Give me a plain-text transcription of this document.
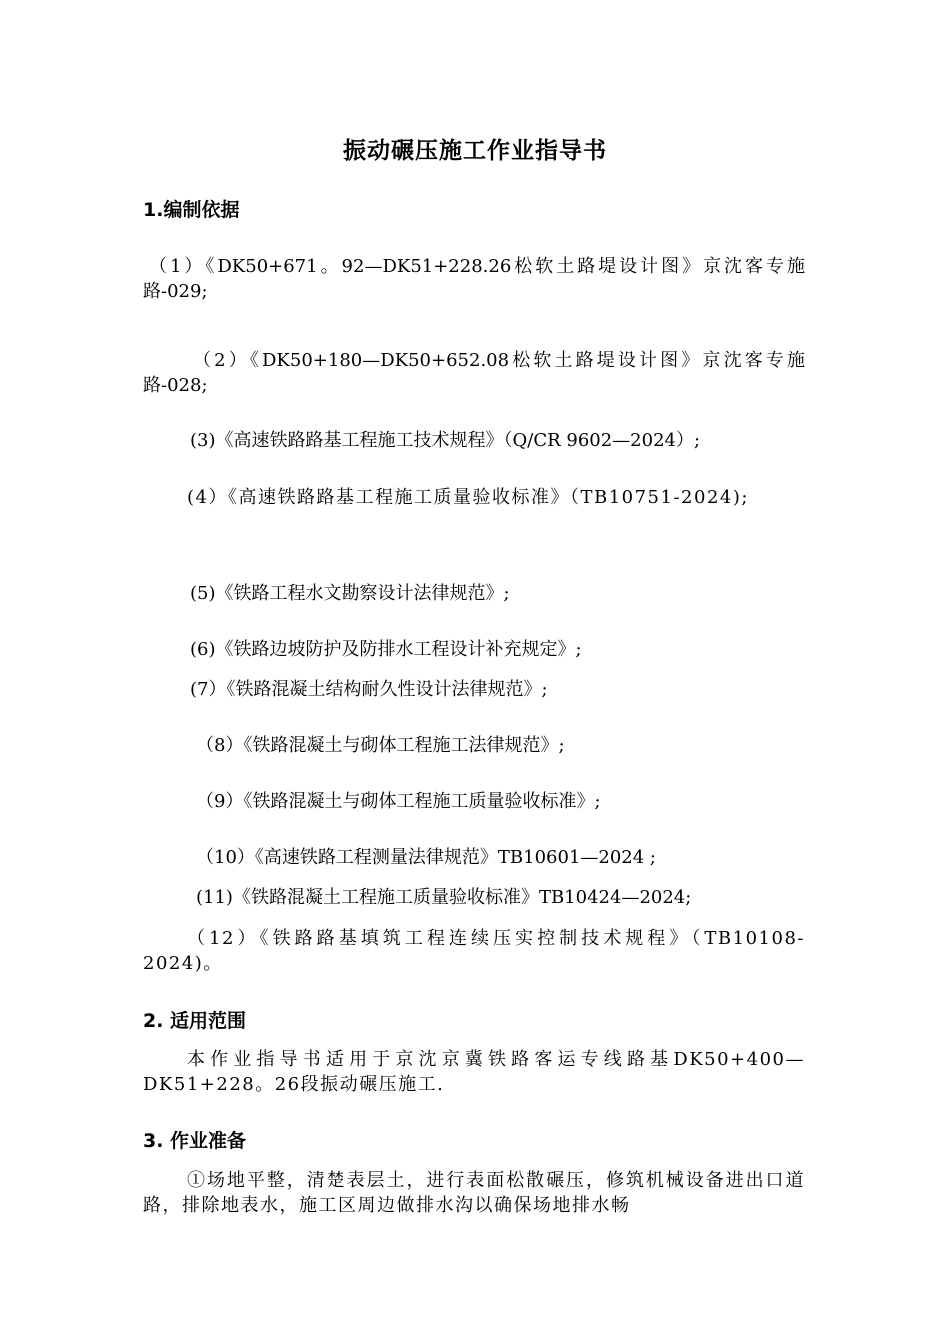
振动碾压施工作业指导书
1.编制依据
（1）《DK50+671。92—DK51+228.26松软土路堤设计图》京沈客专施路-029;
（2）《DK50+180—DK50+652.08松软土路堤设计图》京沈客专施路-028;
(3)《高速铁路路基工程施工技术规程》（Q/CR 9602—2024）;
(4）《高速铁路路基工程施工质量验收标准》（TB10751-2024);
(5)《铁路工程水文勘察设计法律规范》;
(6)《铁路边坡防护及防排水工程设计补充规定》;
(7）《铁路混凝土结构耐久性设计法律规范》;
（8）《铁路混凝土与砌体工程施工法律规范》;
（9）《铁路混凝土与砌体工程施工质量验收标准》;
（10）《高速铁路工程测量法律规范》TB10601—2024 ;
(11)《铁路混凝土工程施工质量验收标准》TB10424—2024;
（12）《铁路路基填筑工程连续压实控制技术规程》（TB10108-2024)。
2. 适用范围
本作业指导书适用于京沈京冀铁路客运专线路基DK50+400—DK51+228。26段振动碾压施工.
3. 作业准备
①场地平整，清楚表层土，进行表面松散碾压，修筑机械设备进出口道路，排除地表水，施工区周边做排水沟以确保场地排水畅
